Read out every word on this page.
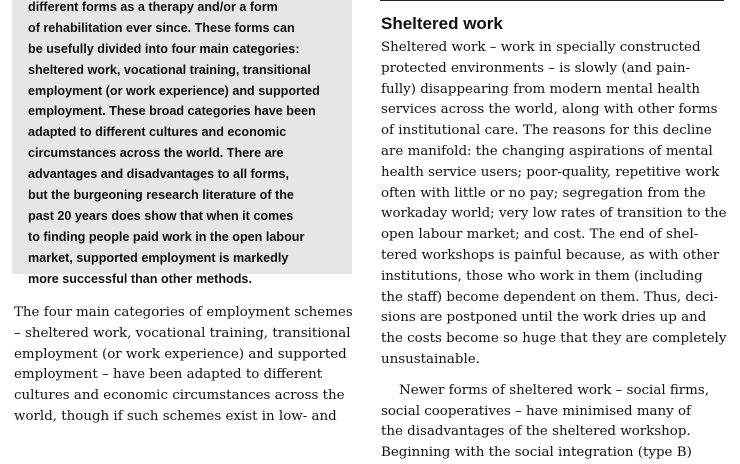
different forms as a therapy and/or a form
of rehabilitation ever since. These forms can
be usefully divided into four main categories:
sheltered work, vocational training, transitional
employment (or work experience) and supported
employment. These broad categories have been
adapted to different cultures and economic
circumstances across the world. There are
advantages and disadvantages to all forms,
but the burgeoning research literature of the
past 20 years does show that when it comes
to finding people paid work in the open labour
market, supported employment is markedly
more successful than other methods.
The four main categories of employment schemes
– sheltered work, vocational training, transitional
employment (or work experience) and supported
employment – have been adapted to different
cultures and economic circumstances across the
world, though if such schemes exist in low- and
Sheltered work
Sheltered work – work in specially constructed
protected environments – is slowly (and pain-
fully) disappearing from modern mental health
services across the world, along with other forms
of institutional care. The reasons for this decline
are manifold: the changing aspirations of mental
health service users; poor-quality, repetitive work
often with little or no pay; segregation from the
workaday world; very low rates of transition to the
open labour market; and cost. The end of shel-
tered workshops is painful because, as with other
institutions, those who work in them (including
the staff) become dependent on them. Thus, deci-
sions are postponed until the work dries up and
the costs become so huge that they are completely
unsustainable.
Newer forms of sheltered work – social firms,
social cooperatives – have minimised many of
the disadvantages of the sheltered workshop.
Beginning with the social integration (type B)
